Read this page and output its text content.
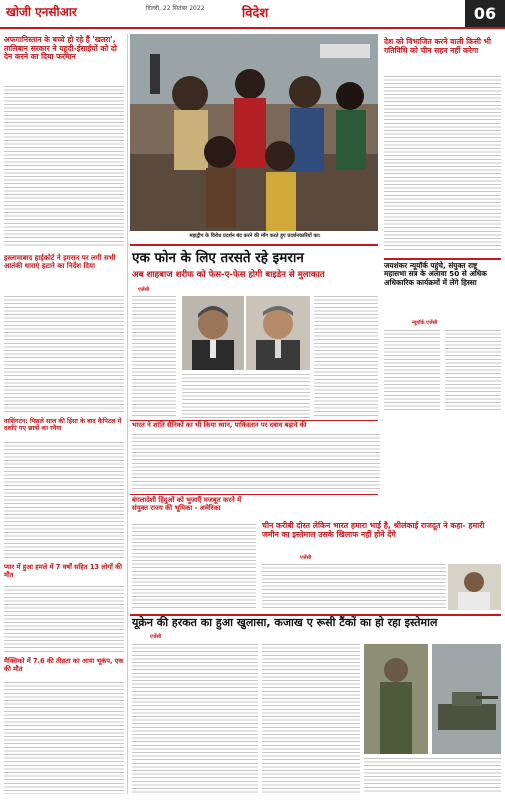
खोजी एनसीआर	दिल्ली, 22 सितंबर 2022	विदेश	06
अफगानिस्तान के बच्चे हो रहे हैं 'खतरा', तालिबान सरकार ने यहूदी-ईसाईयों को दो देन करने का दिया फरमान
इस्लामाबाद हाईकोर्ट ने इमरान पर लगी सभी आतंकी धाराएं हटाने का निर्देश दिया
वाशिंगटन: पिछले साल की हिंसा के बाद कैपिटल में दर्शाएं गए छात्रों का रवैया
प्यार में हुआ हमले में 7 वर्षों सहित 13 लोगों की मौत
मैक्सिको में 7.6 की तीव्रता का आया भूकंप, एक की मौत
महाद्वीप के विरोध प्रदर्शन बंद करने की माँग करते हुए प्रदर्शनकारियों का।
देश को विभाजित करने वाली किसी भी गतिविधि को चीन सहन नहीं करेगा
एक फोन के लिए तरसते रहे इमरान
अब शाहबाज शरीफ को फेस-ए-फेस होगी बाइडेन से मुलाकात
एजेंसी
जयशंकर न्यूयॉर्क पहुंचे, संयुक्त राष्ट्र महासभा सत्र के अलावा 50 से अधिक अधिकारिक कार्यक्रमों में लेंगे हिस्सा
न्यूयॉर्क एजेंसी
भारत ने शांति सैनिकों का भी किया ध्यान, पाकिस्तान पर दबाव बढ़ाने की
बंगलादेशी हिंदुओं को भुजाएँ मजबूत करने में संयुक्त राज्य की भूमिका - अमेरिका
चीन करीबी दोस्त लेकिन भारत हमारा भाई है, श्रीलंकाई राजदूत ने कहा- हमारी जमीन का इस्तेमाल उसके खिलाफ नहीं होने देंगे
एजेंसी
यूक्रेन की हरकत का हुआ खुलासा, कजाख ए रूसी टैंकों का हो रहा इस्तेमाल
एजेंसी
